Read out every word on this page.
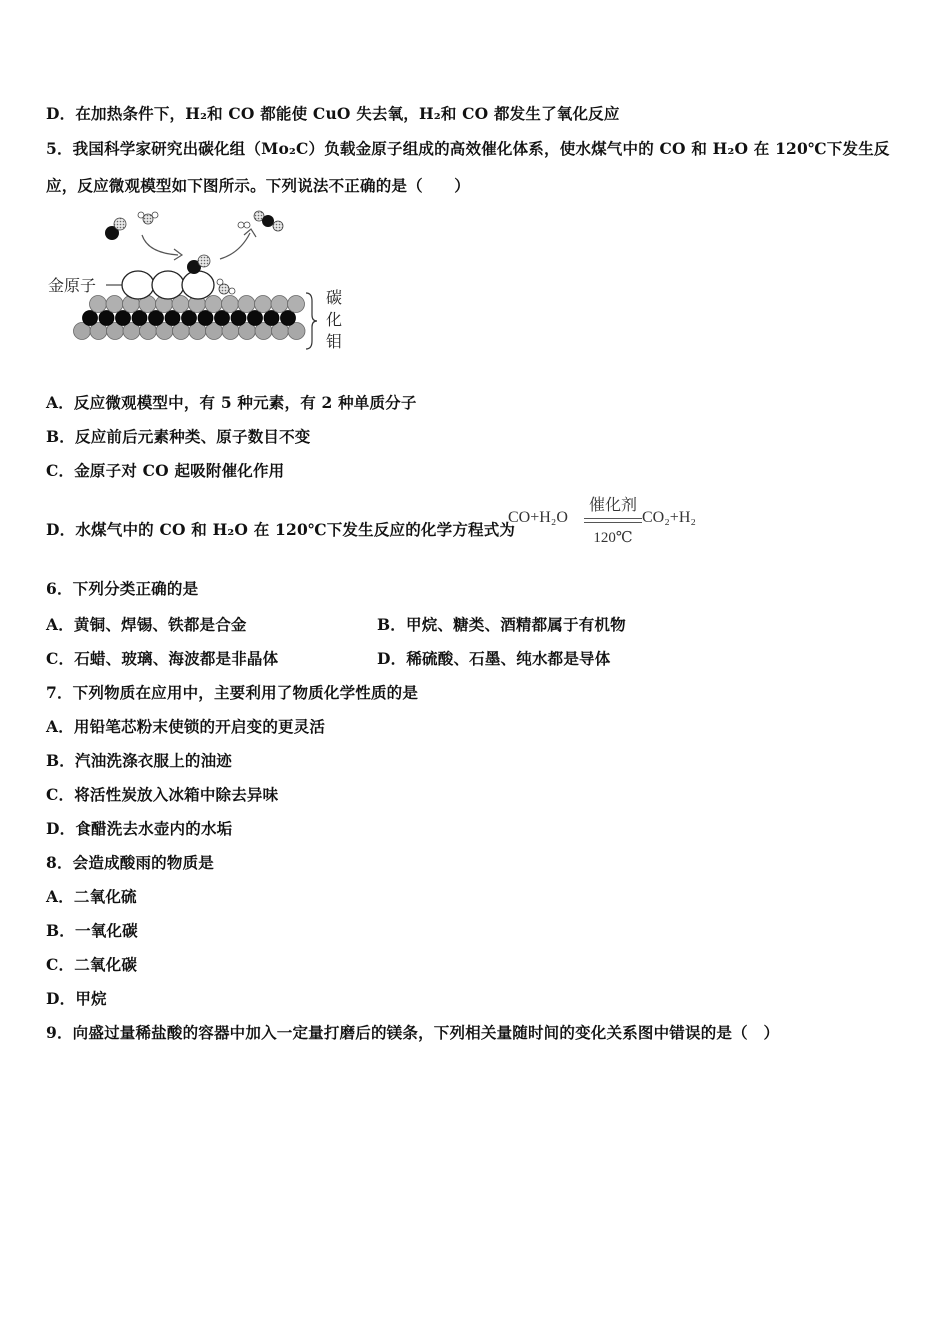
D．在加热条件下，H₂和 CO 都能使 CuO 失去氧，H₂和 CO 都发生了氧化反应
5．我国科学家研究出碳化组（Mo₂C）负载金原子组成的高效催化体系，使水煤气中的 CO 和 H₂O 在 120℃下发生反
应，反应微观模型如下图所示。下列说法不正确的是（　　）
金原子
碳
化
钼
A．反应微观模型中，有 5 种元素，有 2 种单质分子
B．反应前后元素种类、原子数目不变
C．金原子对 CO 起吸附催化作用
D．水煤气中的 CO 和 H₂O 在 120℃下发生反应的化学方程式为
CO+H₂O
催化剂
120℃
CO₂+H₂
6．下列分类正确的是
A．黄铜、焊锡、铁都是合金	B．甲烷、糖类、酒精都属于有机物
C．石蜡、玻璃、海波都是非晶体	D．稀硫酸、石墨、纯水都是导体
7．下列物质在应用中，主要利用了物质化学性质的是
A．用铅笔芯粉末使锁的开启变的更灵活
B．汽油洗涤衣服上的油迹
C．将活性炭放入冰箱中除去异味
D．食醋洗去水壶内的水垢
8．会造成酸雨的物质是
A．二氧化硫
B．一氧化碳
C．二氧化碳
D．甲烷
9．向盛过量稀盐酸的容器中加入一定量打磨后的镁条，下列相关量随时间的变化关系图中错误的是（　）
